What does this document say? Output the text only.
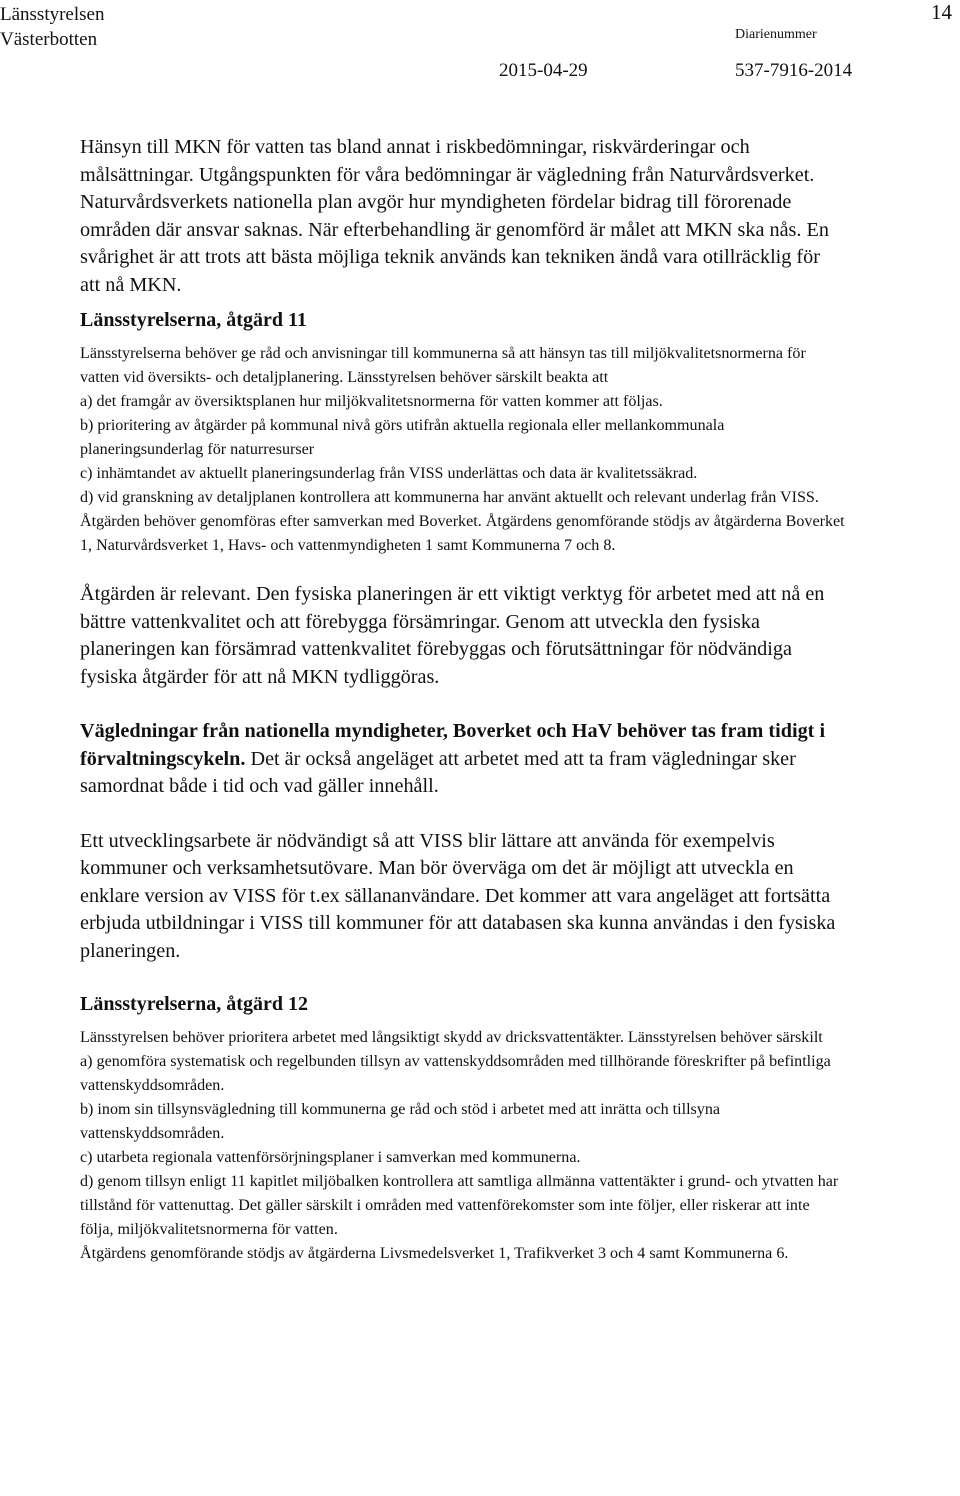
Länsstyrelsen
Västerbotten
14
Diarienummer
2015-04-29	537-7916-2014

Hänsyn till MKN för vatten tas bland annat i riskbedömningar, riskvärderingar och målsättningar. Utgångspunkten för våra bedömningar är vägledning från Naturvårdsverket. Naturvårdsverkets nationella plan avgör hur myndigheten fördelar bidrag till förorenade områden där ansvar saknas. När efterbehandling är genomförd är målet att MKN ska nås. En svårighet är att trots att bästa möjliga teknik används kan tekniken ändå vara otillräcklig för att nå MKN.

Länsstyrelserna, åtgärd 11

Länsstyrelserna behöver ge råd och anvisningar till kommunerna så att hänsyn tas till miljökvalitetsnormerna för vatten vid översikts- och detaljplanering. Länsstyrelsen behöver särskilt beakta att

a) det framgår av översiktsplanen hur miljökvalitetsnormerna för vatten kommer att följas.

b) prioritering av åtgärder på kommunal nivå görs utifrån aktuella regionala eller mellankommunala planeringsunderlag för naturresurser

c) inhämtandet av aktuellt planeringsunderlag från VISS underlättas och data är kvalitetssäkrad.

d) vid granskning av detaljplanen kontrollera att kommunerna har använt aktuellt och relevant underlag från VISS.

Åtgärden behöver genomföras efter samverkan med Boverket. Åtgärdens genomförande stödjs av åtgärderna Boverket 1, Naturvårdsverket 1, Havs- och vattenmyndigheten 1 samt Kommunerna 7 och 8.

Åtgärden är relevant. Den fysiska planeringen är ett viktigt verktyg för arbetet med att nå en bättre vattenkvalitet och att förebygga försämringar. Genom att utveckla den fysiska planeringen kan försämrad vattenkvalitet förebyggas och förutsättningar för nödvändiga fysiska åtgärder för att nå MKN tydliggöras.

Vägledningar från nationella myndigheter, Boverket och HaV behöver tas fram tidigt i förvaltningscykeln. Det är också angeläget att arbetet med att ta fram vägledningar sker samordnat både i tid och vad gäller innehåll.

Ett utvecklingsarbete är nödvändigt så att VISS blir lättare att använda för exempelvis kommuner och verksamhetsutövare. Man bör överväga om det är möjligt att utveckla en enklare version av VISS för t.ex sällananvändare. Det kommer att vara angeläget att fortsätta erbjuda utbildningar i VISS till kommuner för att databasen ska kunna användas i den fysiska planeringen.

Länsstyrelserna, åtgärd 12

Länsstyrelsen behöver prioritera arbetet med långsiktigt skydd av dricksvattentäkter. Länsstyrelsen behöver särskilt

a) genomföra systematisk och regelbunden tillsyn av vattenskyddsområden med tillhörande föreskrifter på befintliga vattenskyddsområden.

b) inom sin tillsynsvägledning till kommunerna ge råd och stöd i arbetet med att inrätta och tillsyna vattenskyddsområden.

c) utarbeta regionala vattenförsörjningsplaner i samverkan med kommunerna.

d) genom tillsyn enligt 11 kapitlet miljöbalken kontrollera att samtliga allmänna vattentäkter i grund- och ytvatten har tillstånd för vattenuttag. Det gäller särskilt i områden med vattenförekomster som inte följer, eller riskerar att inte följa, miljökvalitetsnormerna för vatten.

Åtgärdens genomförande stödjs av åtgärderna Livsmedelsverket 1, Trafikverket 3 och 4 samt Kommunerna 6.
